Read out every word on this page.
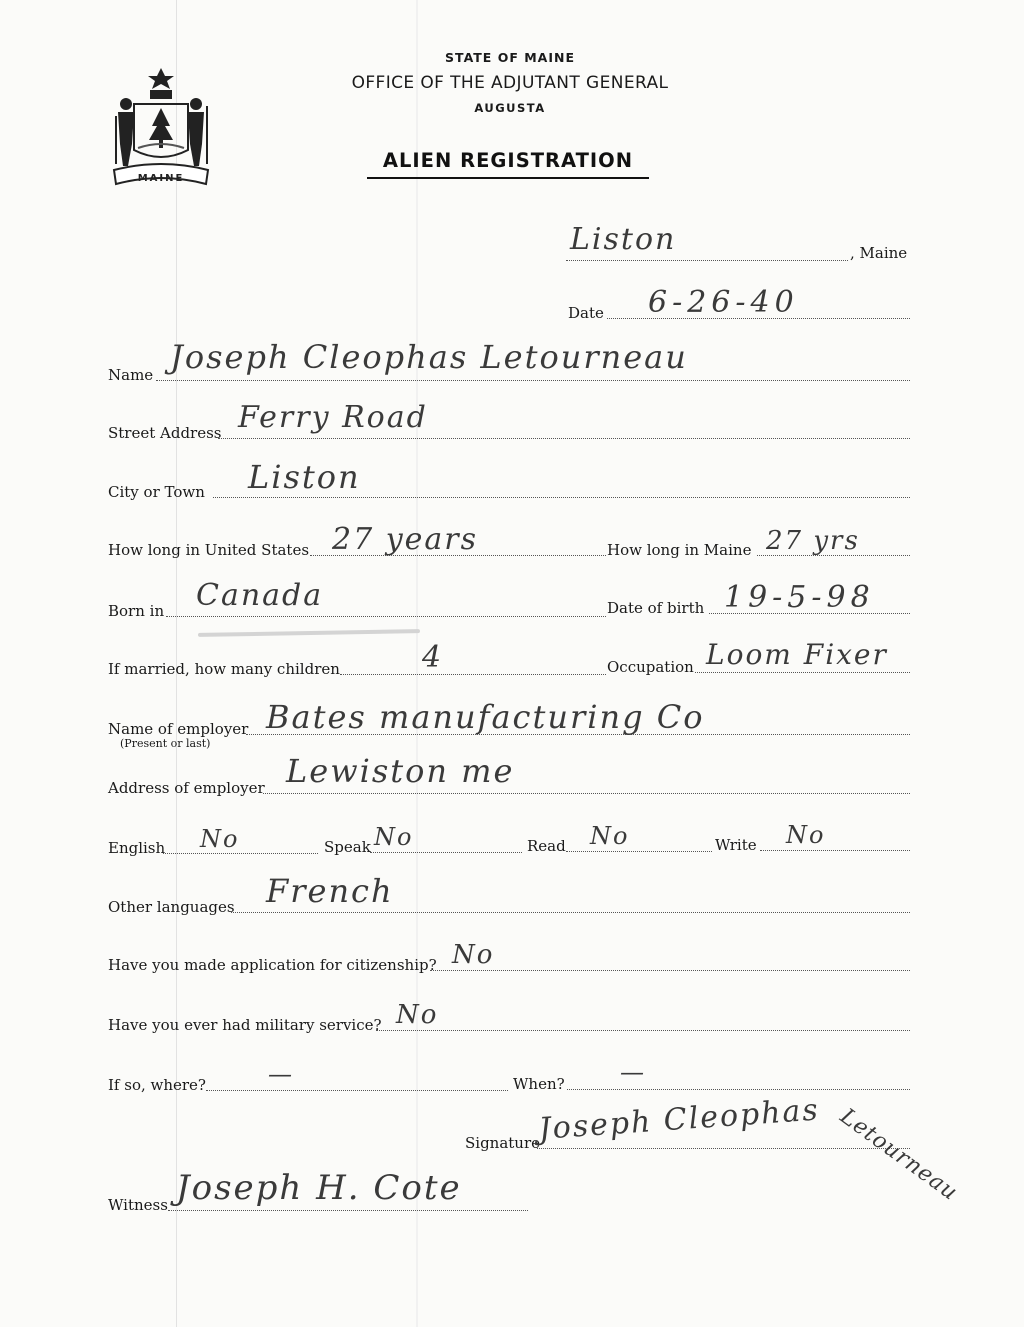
MAINE
STATE OF MAINE
OFFICE OF THE ADJUTANT GENERAL
AUGUSTA
ALIEN REGISTRATION
Liston	, Maine
Date 6-26-40
Name Joseph Cleophas Letourneau
Street Address Ferry Road
City or Town Liston
How long in United States 27 years	How long in Maine 27 yrs
Born in Canada	Date of birth 19-5-98
If married, how many children	4	Occupation Loom Fixer
Name of employer
(Present or last)
Bates manufacturing Co
Address of employer Lewiston me
English No	Speak No	Read No	Write No
Other languages French
Have you made application for citizenship? No
Have you ever had military service? No
If so, where?	—	When? —
Signature
Joseph Cleophas Letourneau
Witness Joseph H. Cote
